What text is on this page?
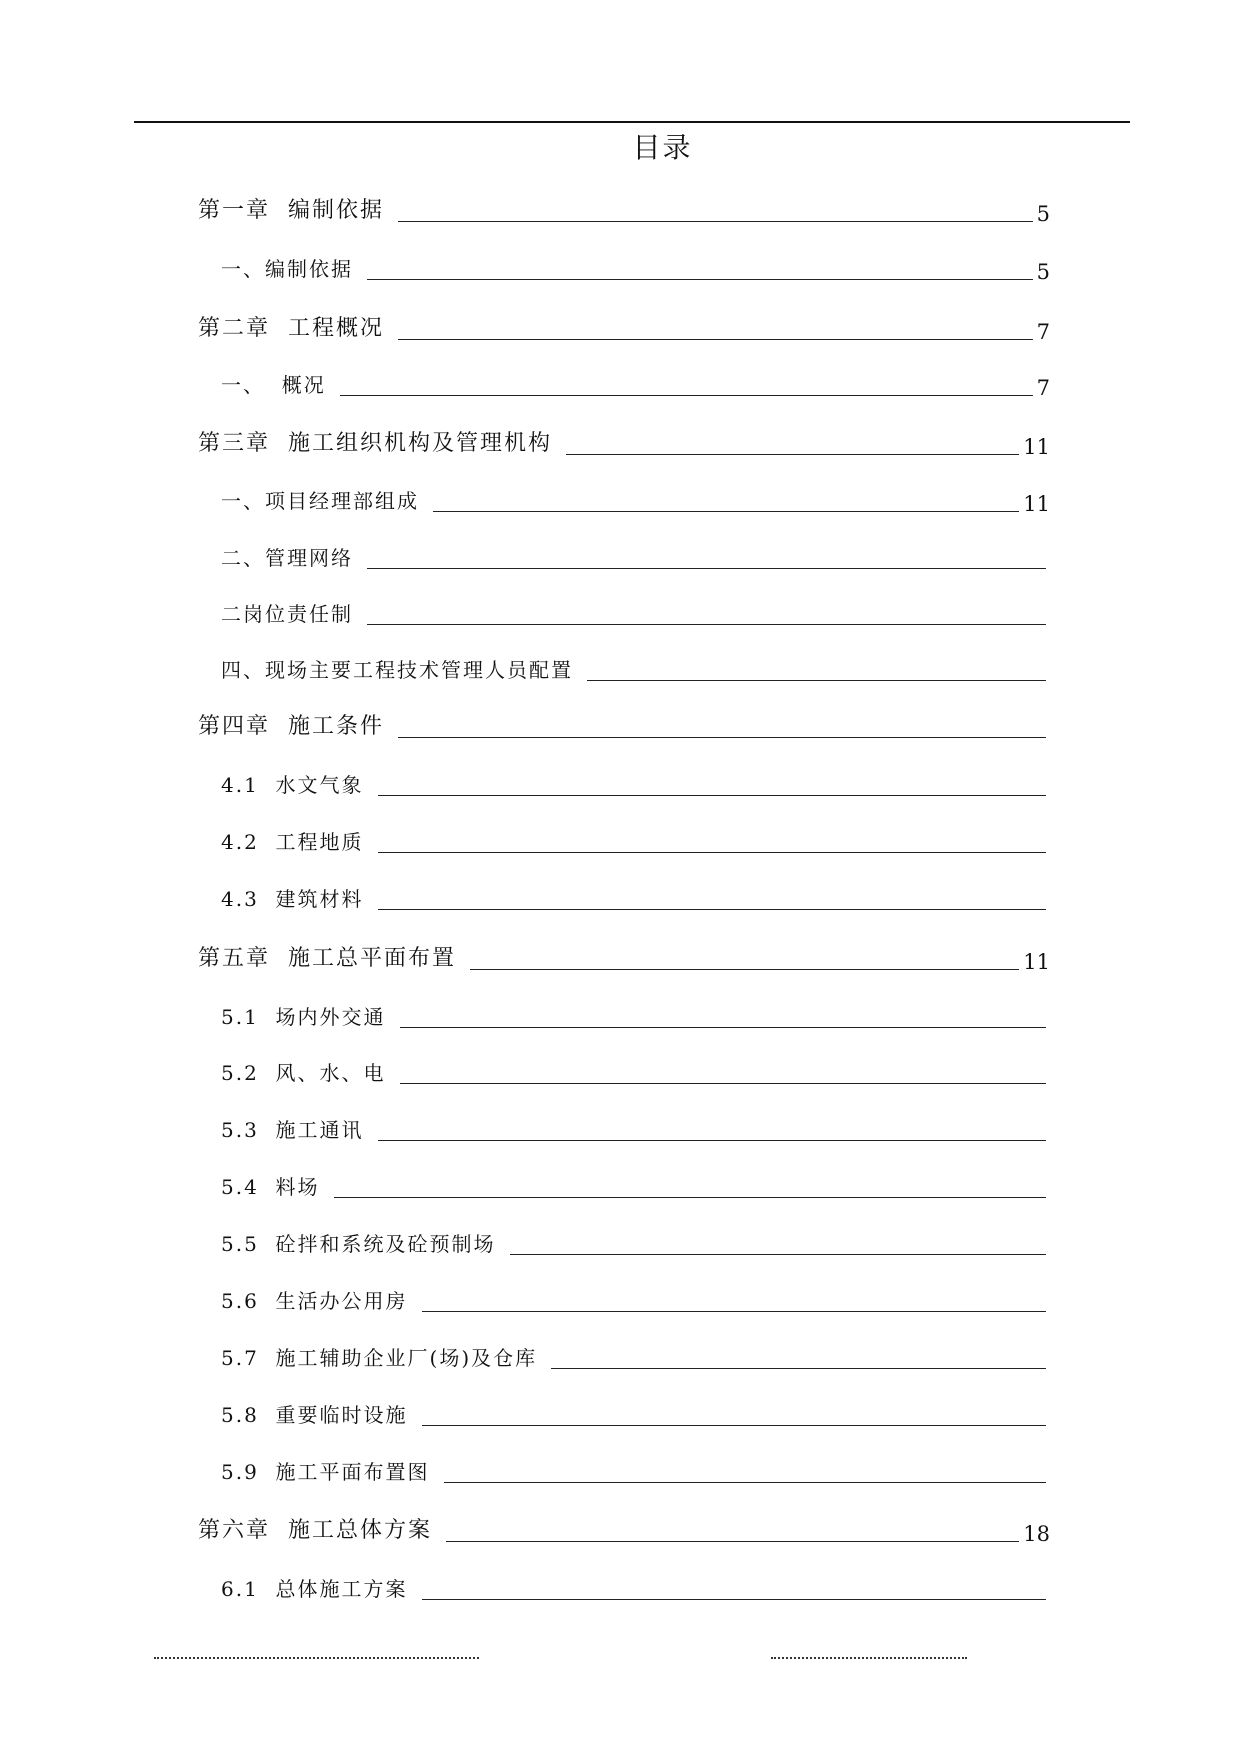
目录
第一章  编制依据	5
一、编制依据	5
第二章  工程概况	7
一、  概况	7
第三章  施工组织机构及管理机构	11
一、项目经理部组成	11
二、管理网络
二岗位责任制
四、现场主要工程技术管理人员配置
第四章  施工条件
4.1  水文气象
4.2  工程地质
4.3  建筑材料
第五章  施工总平面布置	11
5.1  场内外交通
5.2  风、水、电
5.3  施工通讯
5.4  料场
5.5  砼拌和系统及砼预制场
5.6  生活办公用房
5.7  施工辅助企业厂(场)及仓库
5.8  重要临时设施
5.9  施工平面布置图
第六章  施工总体方案	18
6.1  总体施工方案
